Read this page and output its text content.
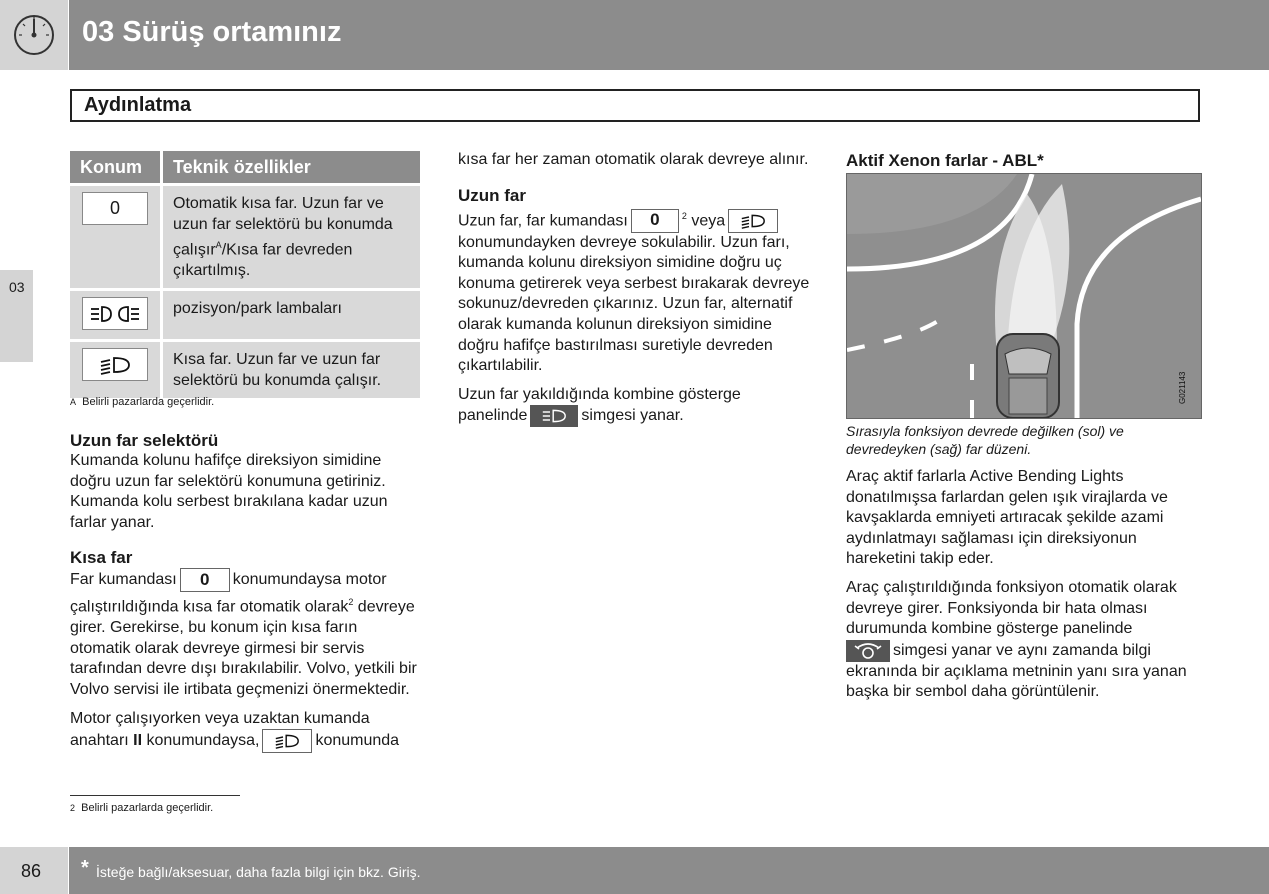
03 Sürüş ortamınız
Aydınlatma
03
Konum	Teknik özellikler

0	Otomatik kısa far. Uzun far ve uzun far selektörü bu konumda çalışır$^A$/Kısa far devreden çıkartılmış.

	pozisyon/park lambaları

	Kısa far. Uzun far ve uzun far selektörü bu konumda çalışır.
A Belirli pazarlarda geçerlidir.
Uzun far selektörü

Kumanda kolunu hafifçe direksiyon simidine doğru uzun far selektörü konumuna getiriniz. Kumanda kolu serbest bırakılana kadar uzun farlar yanar.

Kısa far

Far kumandası 0 konumundaysa motor çalıştırıldığında kısa far otomatik olarak$^2$ devreye girer. Gerekirse, bu konum için kısa farın otomatik olarak devreye girmesi bir servis tarafından devre dışı bırakılabilir. Volvo, yetkili bir Volvo servisi ile irtibata geçmenizi önermektedir.

Motor çalışıyorken veya uzaktan kumanda anahtarı II konumundaysa,	konumunda

2 Belirli pazarlarda geçerlidir.

kısa far her zaman otomatik olarak devreye alınır.

Uzun far

Uzun far, far kumandası 0 $^2$ veya
konumundayken devreye sokulabilir. Uzun farı, kumanda kolunu direksiyon simidine doğru uç konuma getirerek veya serbest bırakarak devreye sokunuz/devreden çıkarınız. Uzun far, alternatif olarak kumanda kolunun direksiyon simidine doğru hafifçe bastırılması suretiyle devreden çıkartılabilir.

Uzun far yakıldığında kombine gösterge panelinde	simgesi yanar.

Aktif Xenon farlar - ABL*
G021143

Sırasıyla fonksiyon devrede değilken (sol) ve devredeyken (sağ) far düzeni.

Araç aktif farlarla Active Bending Lights donatılmışsa farlardan gelen ışık virajlarda ve kavşaklarda emniyeti artıracak şekilde azami aydınlatmayı sağlaması için direksiyonun hareketini takip eder.

Araç çalıştırıldığında fonksiyon otomatik olarak devreye girer. Fonksiyonda bir hata olması durumunda kombine gösterge panelinde

simgesi yanar ve aynı zamanda bilgi ekranında bir açıklama metninin yanı sıra yanan başka bir sembol daha görüntülenir.

86 * İsteğe bağlı/aksesuar, daha fazla bilgi için bkz. Giriş.
